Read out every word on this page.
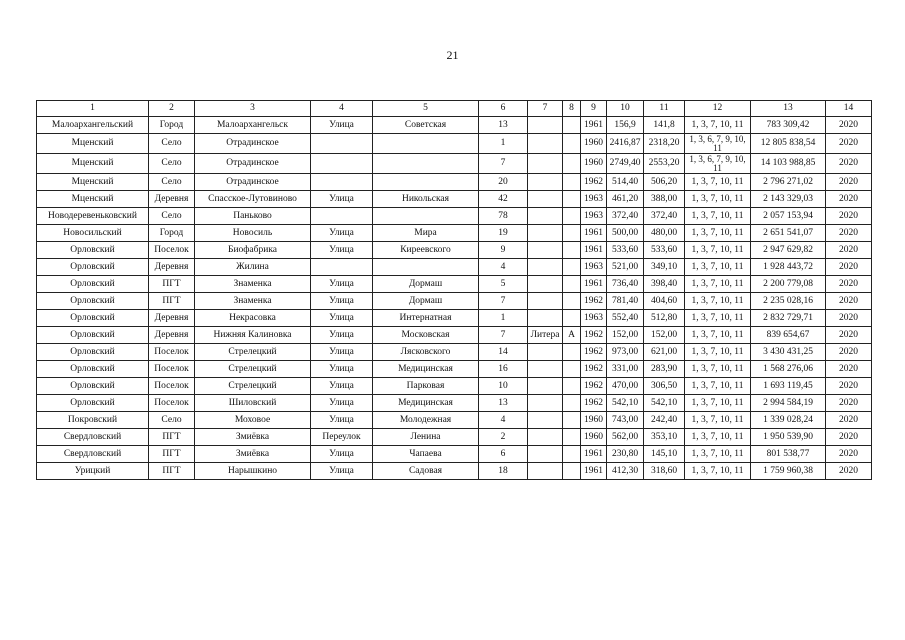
21
1	2	3	4	5	6	7	8	9	10	11	12	13	14
Малоархангельский	Город	Малоархангельск	Улица	Советская	13			1961	156,9	141,8	1, 3, 7, 10, 11	783 309,42	2020
Мценский	Село	Отрадинское			1			1960	2416,87	2318,20	1, 3, 6, 7, 9, 10, 11	12 805 838,54	2020
Мценский	Село	Отрадинское			7			1960	2749,40	2553,20	1, 3, 6, 7, 9, 10, 11	14 103 988,85	2020
Мценский	Село	Отрадинское			20			1962	514,40	506,20	1, 3, 7, 10, 11	2 796 271,02	2020
Мценский	Деревня	Спасское-Лутовиново	Улица	Никольская	42			1963	461,20	388,00	1, 3, 7, 10, 11	2 143 329,03	2020
Новодеревеньковский	Село	Паньково			78			1963	372,40	372,40	1, 3, 7, 10, 11	2 057 153,94	2020
Новосильский	Город	Новосиль	Улица	Мира	19			1961	500,00	480,00	1, 3, 7, 10, 11	2 651 541,07	2020
Орловский	Поселок	Биофабрика	Улица	Киреевского	9			1961	533,60	533,60	1, 3, 7, 10, 11	2 947 629,82	2020
Орловский	Деревня	Жилина			4			1963	521,00	349,10	1, 3, 7, 10, 11	1 928 443,72	2020
Орловский	ПГТ	Знаменка	Улица	Дормаш	5			1961	736,40	398,40	1, 3, 7, 10, 11	2 200 779,08	2020
Орловский	ПГТ	Знаменка	Улица	Дормаш	7			1962	781,40	404,60	1, 3, 7, 10, 11	2 235 028,16	2020
Орловский	Деревня	Некрасовка	Улица	Интернатная	1			1963	552,40	512,80	1, 3, 7, 10, 11	2 832 729,71	2020
Орловский	Деревня	Нижняя Калиновка	Улица	Московская	7	Литера	А	1962	152,00	152,00	1, 3, 7, 10, 11	839 654,67	2020
Орловский	Поселок	Стрелецкий	Улица	Лясковского	14			1962	973,00	621,00	1, 3, 7, 10, 11	3 430 431,25	2020
Орловский	Поселок	Стрелецкий	Улица	Медицинская	16			1962	331,00	283,90	1, 3, 7, 10, 11	1 568 276,06	2020
Орловский	Поселок	Стрелецкий	Улица	Парковая	10			1962	470,00	306,50	1, 3, 7, 10, 11	1 693 119,45	2020
Орловский	Поселок	Шиловский	Улица	Медицинская	13			1962	542,10	542,10	1, 3, 7, 10, 11	2 994 584,19	2020
Покровский	Село	Моховое	Улица	Молодежная	4			1960	743,00	242,40	1, 3, 7, 10, 11	1 339 028,24	2020
Свердловский	ПГТ	Змиёвка	Переулок	Ленина	2			1960	562,00	353,10	1, 3, 7, 10, 11	1 950 539,90	2020
Свердловский	ПГТ	Змиёвка	Улица	Чапаева	6			1961	230,80	145,10	1, 3, 7, 10, 11	801 538,77	2020
Урицкий	ПГТ	Нарышкино	Улица	Садовая	18			1961	412,30	318,60	1, 3, 7, 10, 11	1 759 960,38	2020
